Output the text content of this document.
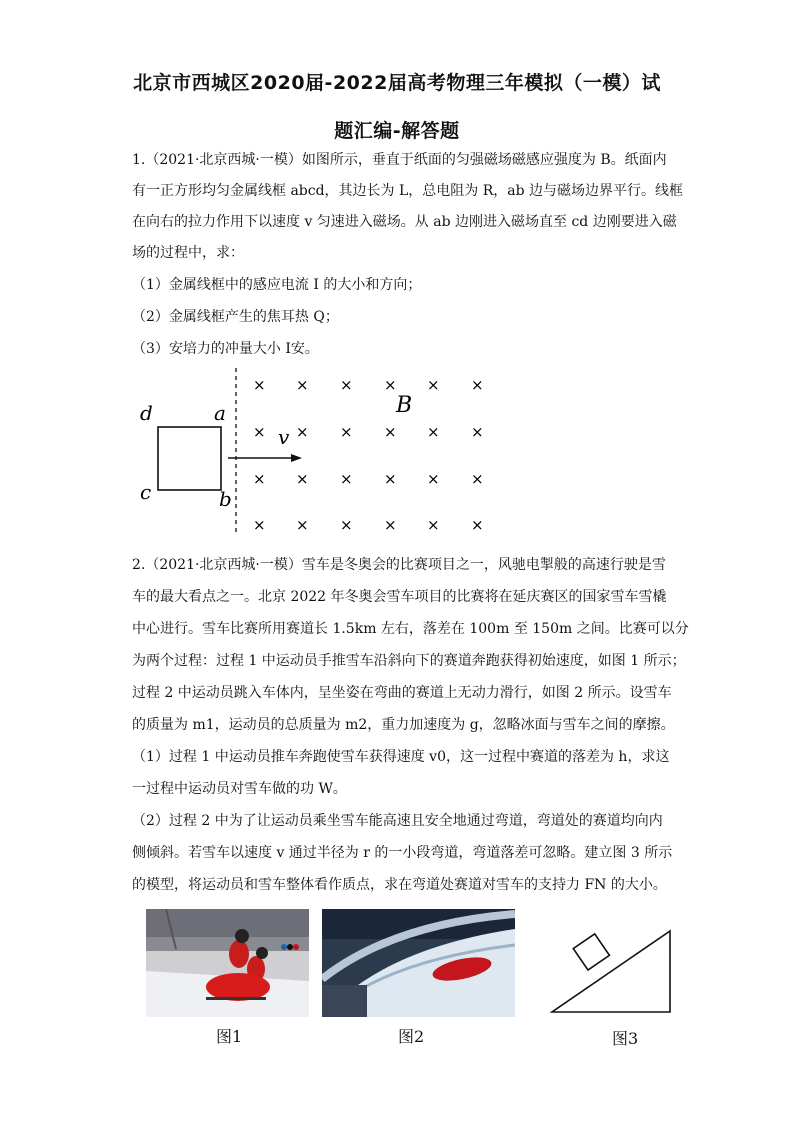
北京市西城区2020届-2022届高考物理三年模拟（一模）试
题汇编-解答题
1.（2021·北京西城·一模）如图所示，垂直于纸面的匀强磁场磁感应强度为 B。纸面内
有一正方形均匀金属线框 abcd，其边长为 L，总电阻为 R，ab 边与磁场边界平行。线框
在向右的拉力作用下以速度 v 匀速进入磁场。从 ab 边刚进入磁场直至 cd 边刚要进入磁
场的过程中，求：
（1）金属线框中的感应电流 I 的大小和方向；
（2）金属线框产生的焦耳热 Q；
（3）安培力的冲量大小 I安。
d	a
c	b
v
B
× × × × × ×
× × × × × ×
× × × × × ×
× × × × × ×
2.（2021·北京西城·一模）雪车是冬奥会的比赛项目之一，风驰电掣般的高速行驶是雪
车的最大看点之一。北京 2022 年冬奥会雪车项目的比赛将在延庆赛区的国家雪车雪橇
中心进行。雪车比赛所用赛道长 1.5km 左右，落差在 100m 至 150m 之间。比赛可以分
为两个过程：过程 1 中运动员手推雪车沿斜向下的赛道奔跑获得初始速度，如图 1 所示；
过程 2 中运动员跳入车体内，呈坐姿在弯曲的赛道上无动力滑行，如图 2 所示。设雪车
的质量为 m1，运动员的总质量为 m2，重力加速度为 g，忽略冰面与雪车之间的摩擦。
（1）过程 1 中运动员推车奔跑使雪车获得速度 v0，这一过程中赛道的落差为 h，求这
一过程中运动员对雪车做的功 W。
（2）过程 2 中为了让运动员乘坐雪车能高速且安全地通过弯道，弯道处的赛道均向内
侧倾斜。若雪车以速度 v 通过半径为 r 的一小段弯道，弯道落差可忽略。建立图 3 所示
的模型，将运动员和雪车整体看作质点，求在弯道处赛道对雪车的支持力 FN 的大小。
图1	图2	图3
